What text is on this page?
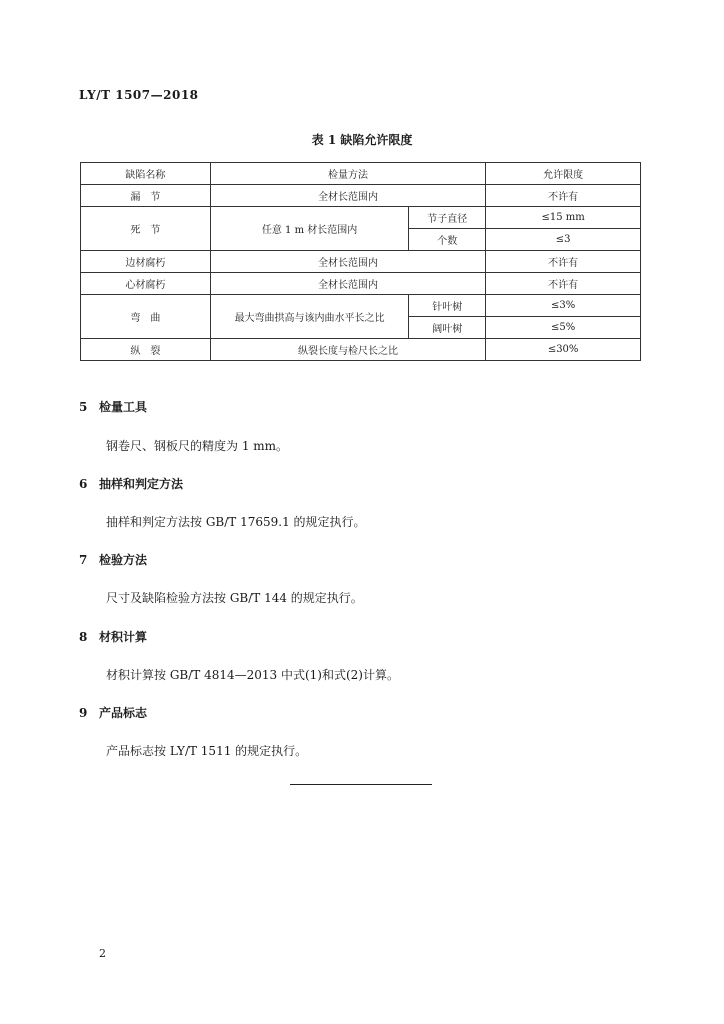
LY/T 1507—2018
表 1 缺陷允许限度
缺陷名称	检量方法		允许限度
漏　节	全材长范围内		不许有
死　节	任意 1 m 材长范围内	节子直径	≤15 mm
		个数	≤3
边材腐朽	全材长范围内		不许有
心材腐朽	全材长范围内		不许有
弯　曲	最大弯曲拱高与该内曲水平长之比	针叶树	≤3%
		阔叶树	≤5%
纵　裂	纵裂长度与检尺长之比		≤30%
5 检量工具
钢卷尺、钢板尺的精度为 1 mm。
6 抽样和判定方法
抽样和判定方法按 GB/T 17659.1 的规定执行。
7 检验方法
尺寸及缺陷检验方法按 GB/T 144 的规定执行。
8 材积计算
材积计算按 GB/T 4814—2013 中式(1)和式(2)计算。
9 产品标志
产品标志按 LY/T 1511 的规定执行。
2
